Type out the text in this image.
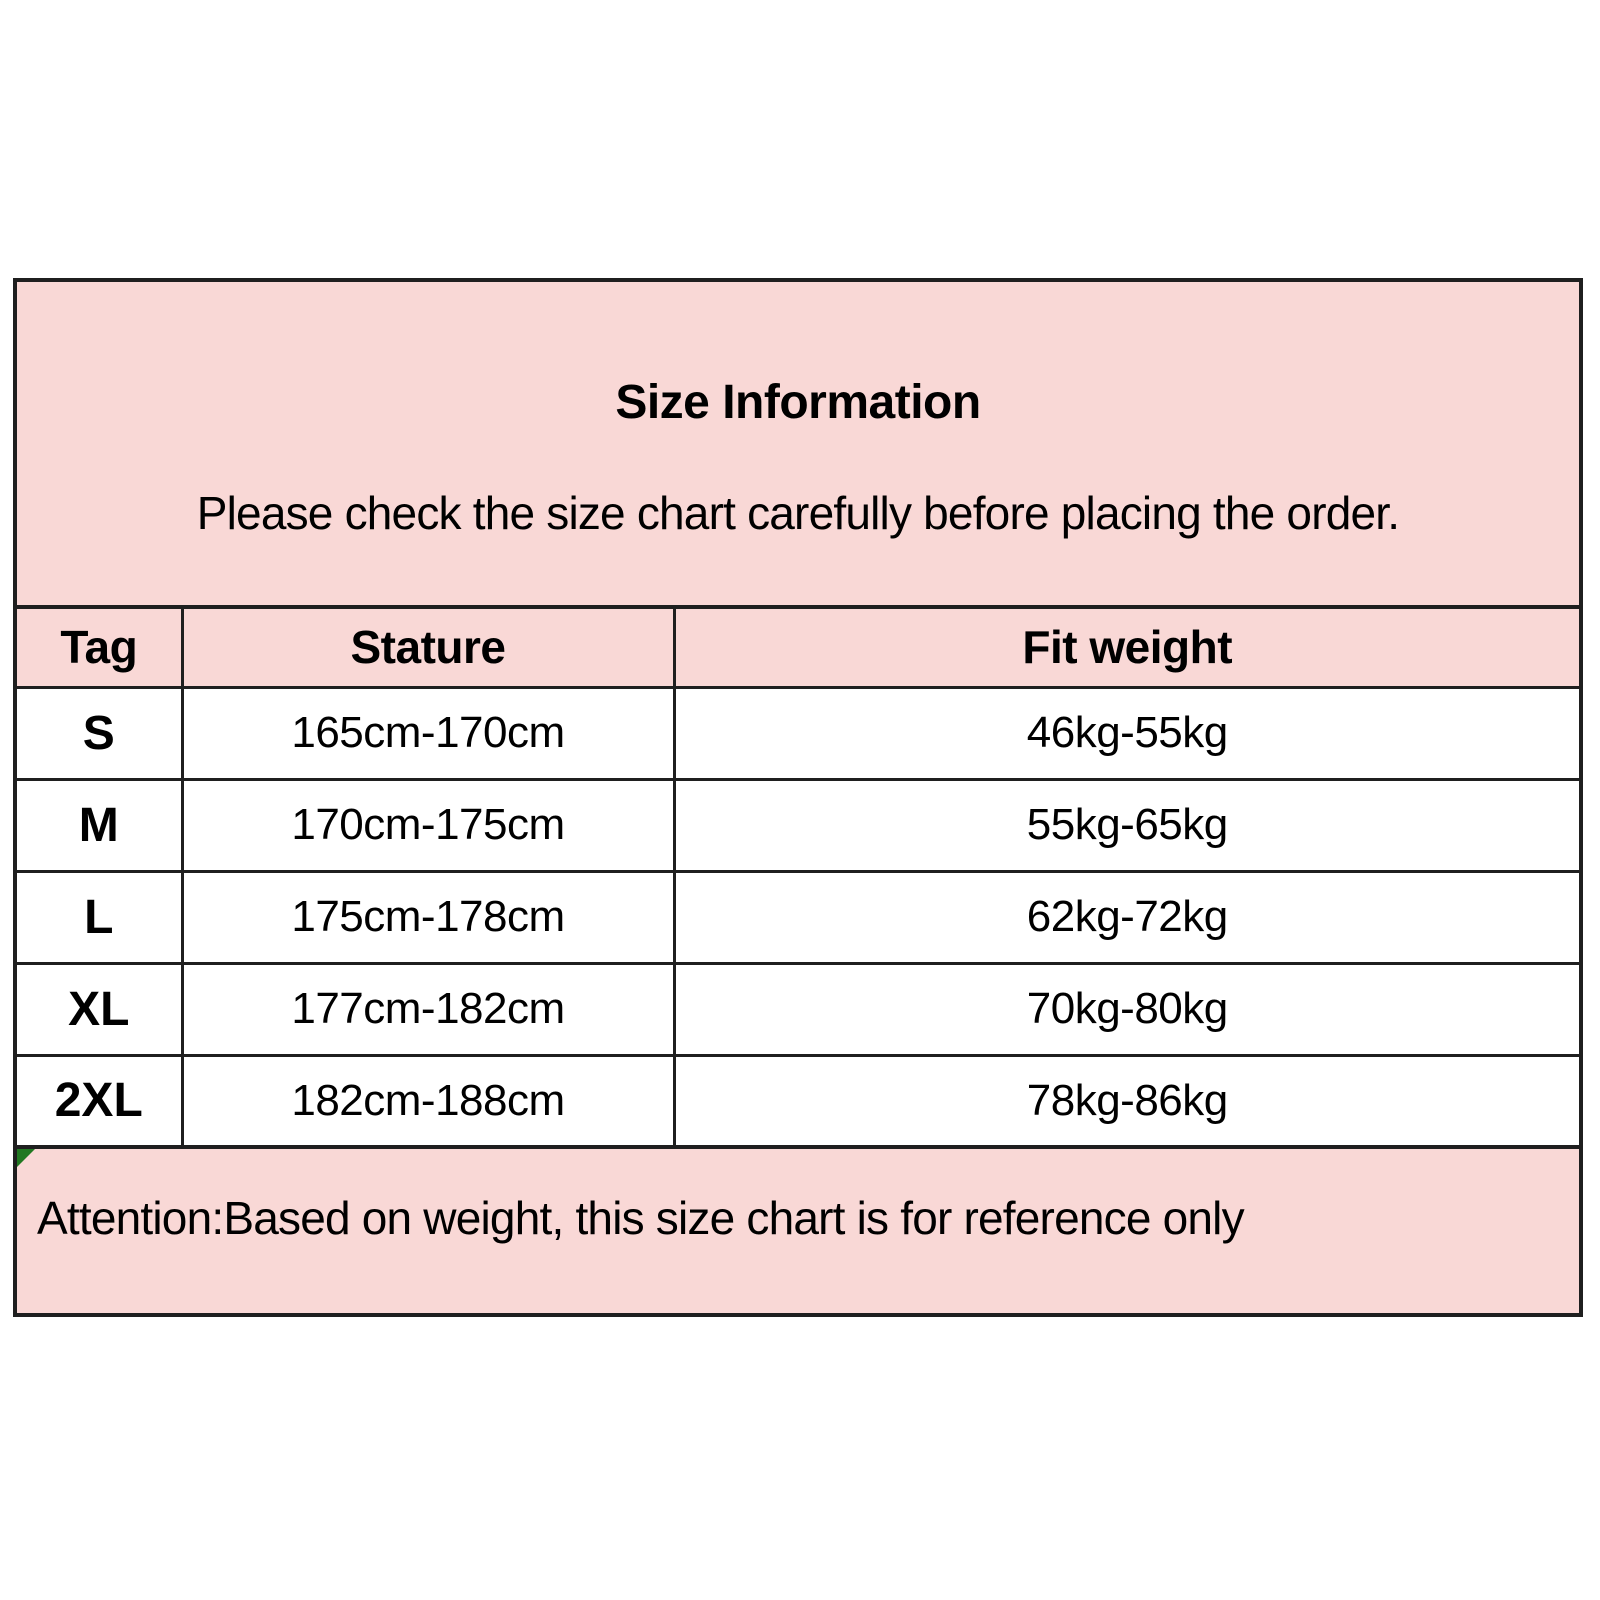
Size Information
Please check the size chart carefully before placing the order.
Tag	Stature	Fit weight
S	165cm-170cm	46kg-55kg
M	170cm-175cm	55kg-65kg
L	175cm-178cm	62kg-72kg
XL	177cm-182cm	70kg-80kg
2XL	182cm-188cm	78kg-86kg
Attention:Based on weight, this size chart is for reference only
